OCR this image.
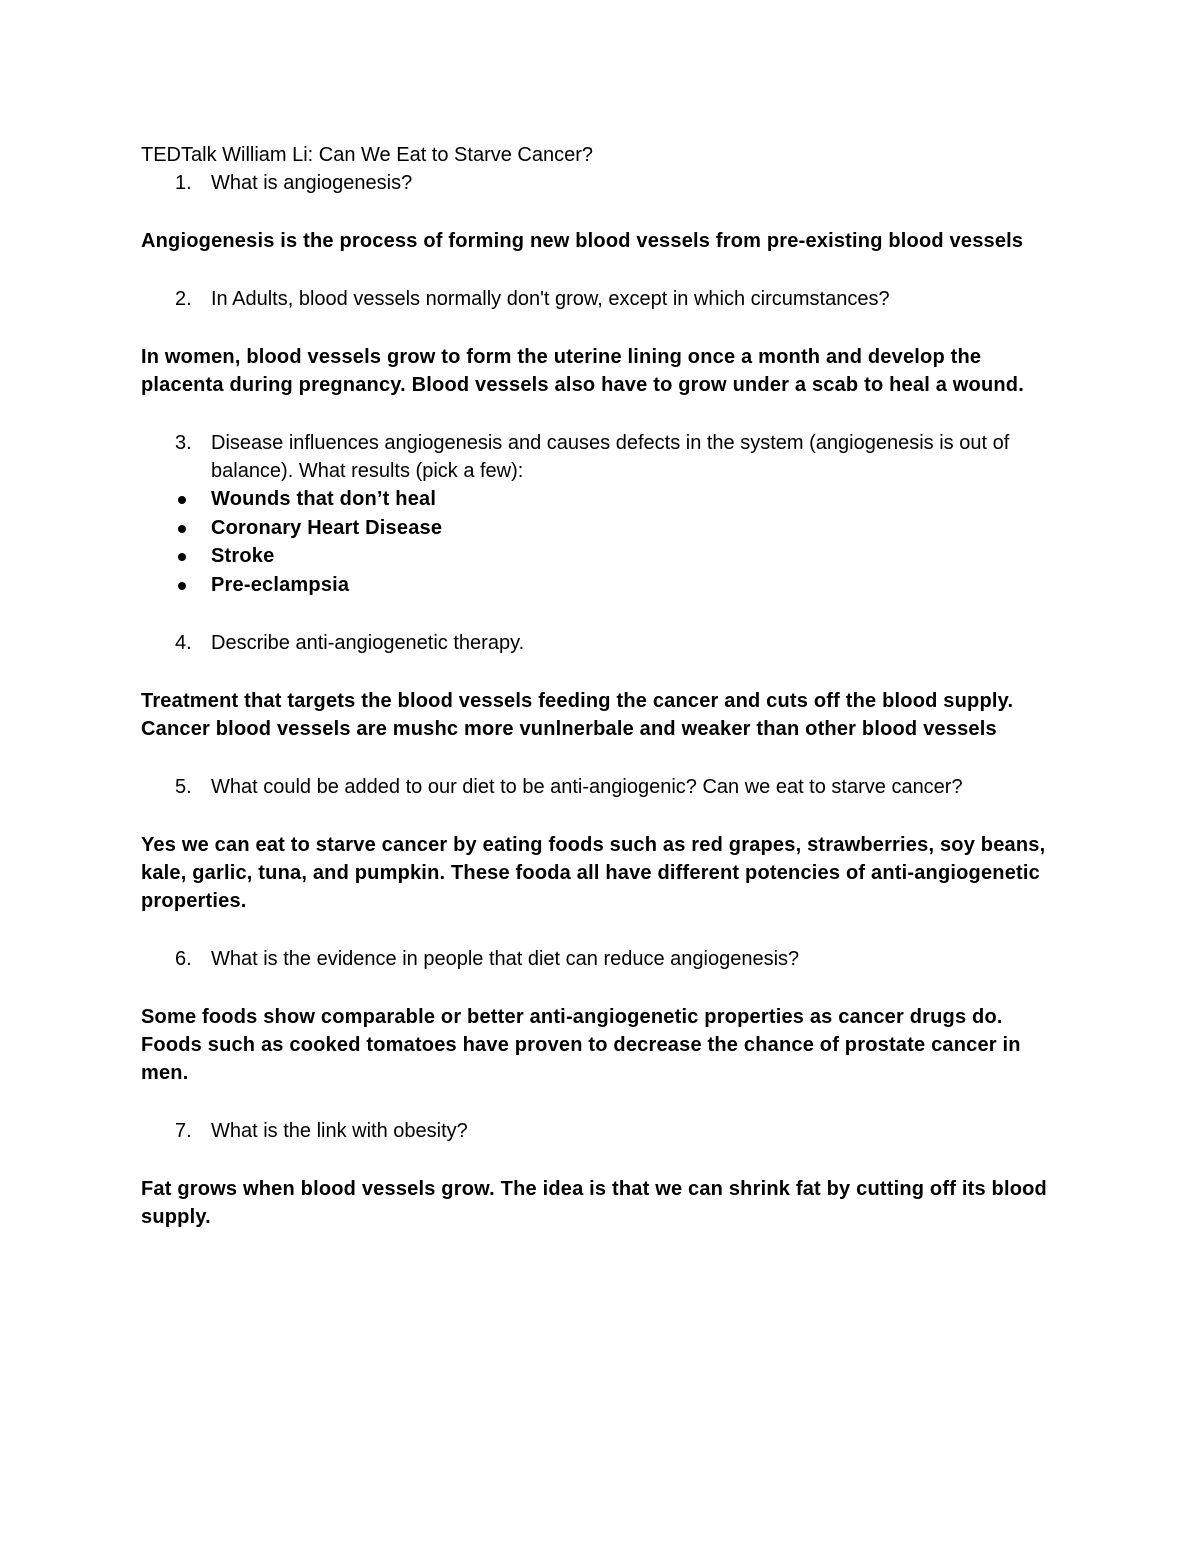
TEDTalk William Li: Can We Eat to Starve Cancer?

1. What is angiogenesis?

Angiogenesis is the process of forming new blood vessels from pre-existing blood vessels

2. In Adults, blood vessels normally don't grow, except in which circumstances?

In women, blood vessels grow to form the uterine lining once a month and develop the placenta during pregnancy. Blood vessels also have to grow under a scab to heal a wound.

3. Disease influences angiogenesis and causes defects in the system (angiogenesis is out of balance). What results (pick a few):

Wounds that don’t heal
Coronary Heart Disease
Stroke
Pre-eclampsia

4. Describe anti-angiogenetic therapy.

Treatment that targets the blood vessels feeding the cancer and cuts off the blood supply. Cancer blood vessels are mushc more vunlnerbale and weaker than other blood vessels

5. What could be added to our diet to be anti-angiogenic? Can we eat to starve cancer?

Yes we can eat to starve cancer by eating foods such as red grapes, strawberries, soy beans, kale, garlic, tuna, and pumpkin. These fooda all have different potencies of anti-angiogenetic properties.

6. What is the evidence in people that diet can reduce angiogenesis?

Some foods show comparable or better anti-angiogenetic properties as cancer drugs do. Foods such as cooked tomatoes have proven to decrease the chance of prostate cancer in men.

7. What is the link with obesity?

Fat grows when blood vessels grow. The idea is that we can shrink fat by cutting off its blood supply.
